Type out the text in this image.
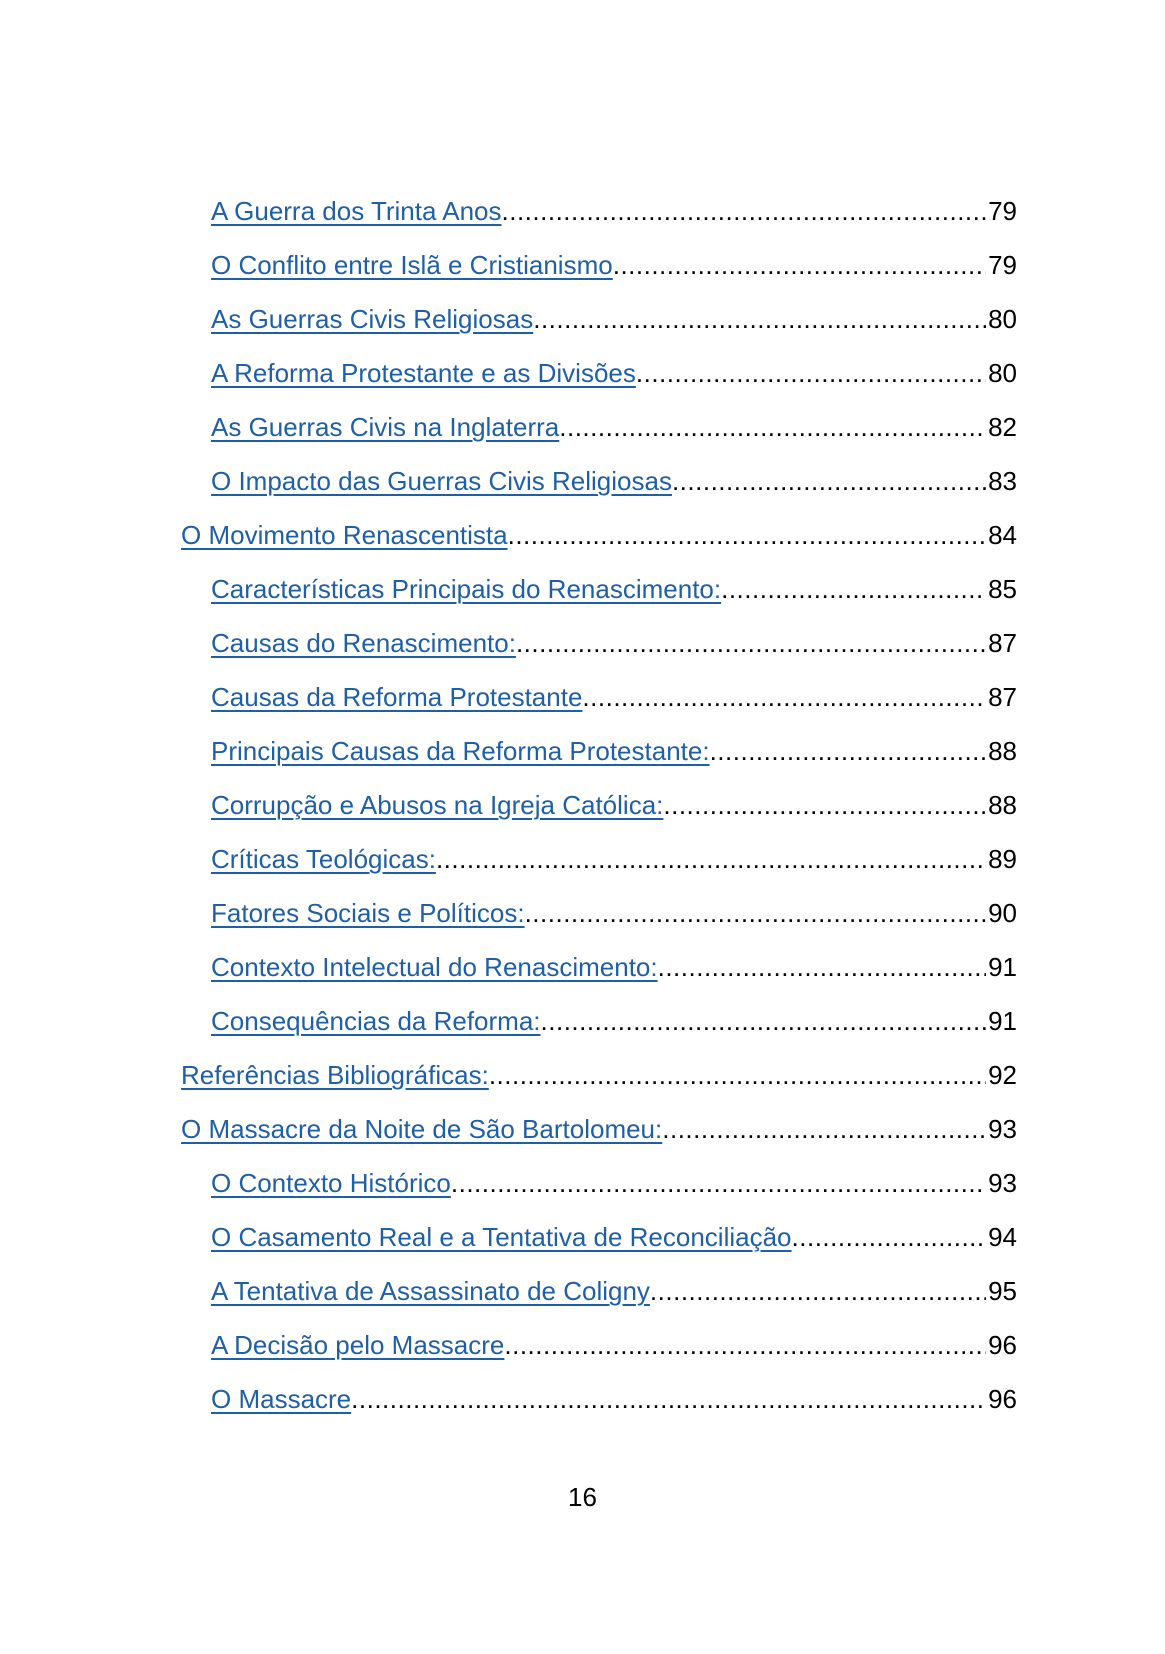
A Guerra dos Trinta Anos .....	79
O Conflito entre Islã e Cristianismo .....	79
As Guerras Civis Religiosas .....	80
A Reforma Protestante e as Divisões .....	80
As Guerras Civis na Inglaterra .....	82
O Impacto das Guerras Civis Religiosas .....	83
O Movimento Renascentista .....	84
Características Principais do Renascimento: .....	85
Causas do Renascimento: .....	87
Causas da Reforma Protestante .....	87
Principais Causas da Reforma Protestante: .....	88
Corrupção e Abusos na Igreja Católica: .....	88
Críticas Teológicas: .....	89
Fatores Sociais e Políticos: .....	90
Contexto Intelectual do Renascimento: .....	91
Consequências da Reforma: .....	91
Referências Bibliográficas: .....	92
O Massacre da Noite de São Bartolomeu: .....	93
O Contexto Histórico .....	93
O Casamento Real e a Tentativa de Reconciliação .....	94
A Tentativa de Assassinato de Coligny .....	95
A Decisão pelo Massacre .....	96
O Massacre .....	96
16
